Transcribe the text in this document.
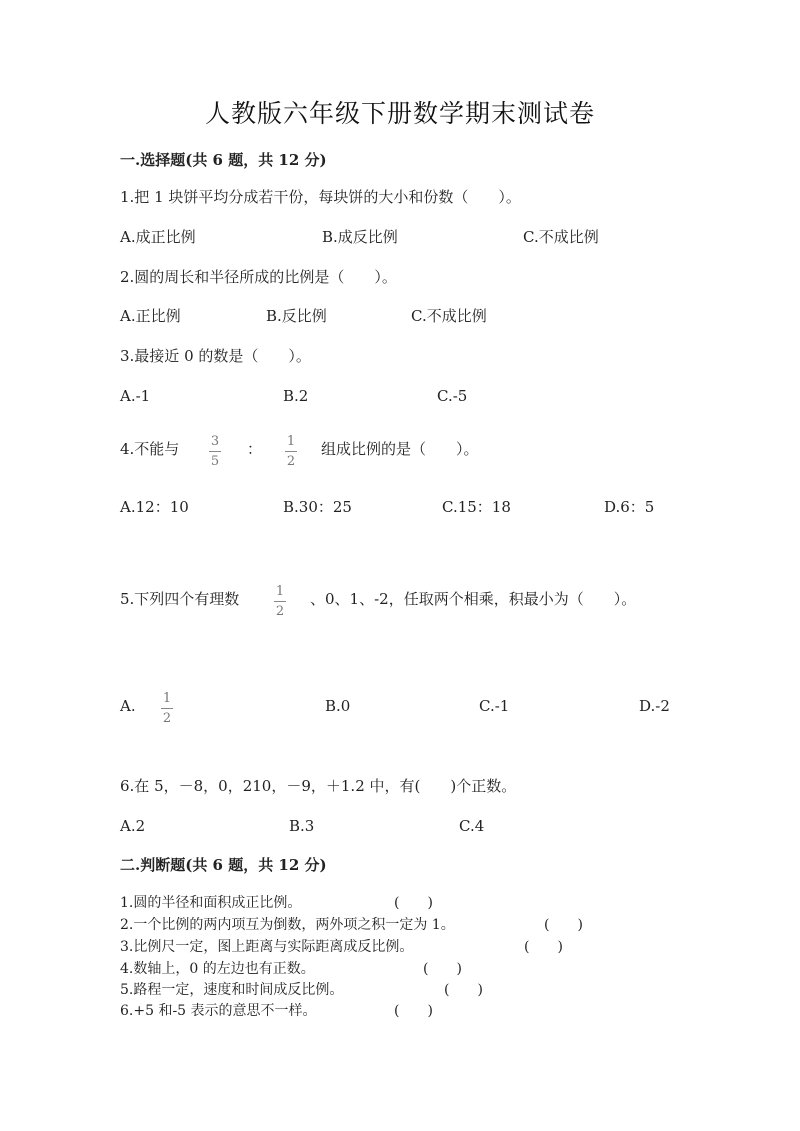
人教版六年级下册数学期末测试卷
一.选择题(共 6 题，共 12 分)
1.把 1 块饼平均分成若干份，每块饼的大小和份数（　　）。
A.成正比例	B.成反比例	C.不成比例
2.圆的周长和半径所成的比例是（　　）。
A.正比例	B.反比例	C.不成比例
3.最接近 0 的数是（　　）。
A.-1	B.2	C.-5
4.不能与 3
5
： 1
2
组成比例的是（　　）。
A.12：10	B.30：25	C.15：18	D.6：5
5.下列四个有理数	1
2
、0、1、-2，任取两个相乘，积最小为（　　）。
A. 1
2
B.0	C.-1	D.-2
6.在 5，－8，0，210，－9，＋1.2 中，有(　　)个正数。
A.2	B.3	C.4
二.判断题(共 6 题，共 12 分)
1.圆的半径和面积成正比例。	(　　)
2.一个比例的两内项互为倒数，两外项之积一定为 1。	(　　)
3.比例尺一定，图上距离与实际距离成反比例。	(　　)
4.数轴上，0 的左边也有正数。	(　　)
5.路程一定，速度和时间成反比例。	(　　)
6.+5 和-5 表示的意思不一样。	(　　)
